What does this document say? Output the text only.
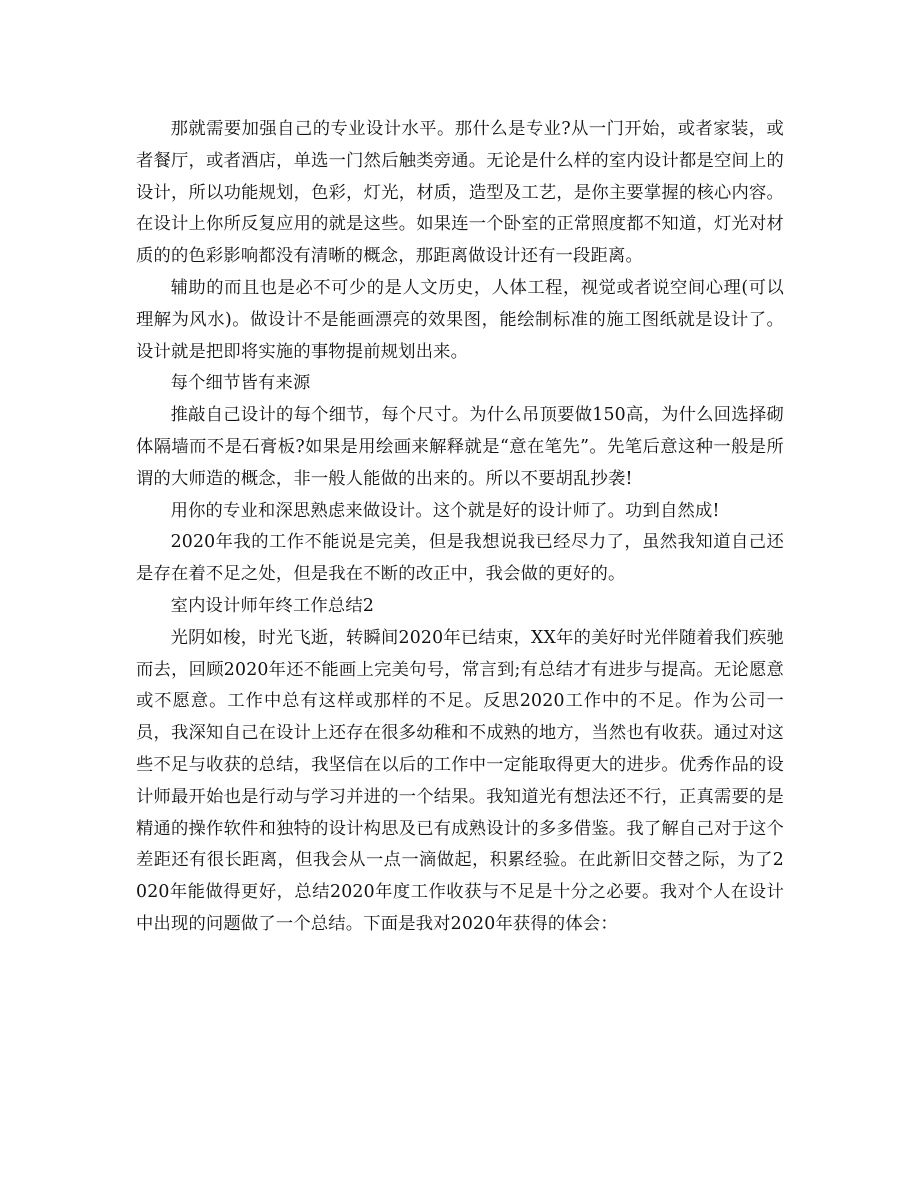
那就需要加强自己的专业设计水平。那什么是专业?从一门开始，或者家装，或者餐厅，或者酒店，单选一门然后触类旁通。无论是什么样的室内设计都是空间上的设计，所以功能规划，色彩，灯光，材质，造型及工艺，是你主要掌握的核心内容。在设计上你所反复应用的就是这些。如果连一个卧室的正常照度都不知道，灯光对材质的的色彩影响都没有清晰的概念，那距离做设计还有一段距离。

辅助的而且也是必不可少的是人文历史，人体工程，视觉或者说空间心理(可以理解为风水)。做设计不是能画漂亮的效果图，能绘制标准的施工图纸就是设计了。设计就是把即将实施的事物提前规划出来。

每个细节皆有来源

推敲自己设计的每个细节，每个尺寸。为什么吊顶要做150高，为什么回选择砌体隔墙而不是石膏板?如果是用绘画来解释就是“意在笔先”。先笔后意这种一般是所谓的大师造的概念，非一般人能做的出来的。所以不要胡乱抄袭!

用你的专业和深思熟虑来做设计。这个就是好的设计师了。功到自然成!

2020年我的工作不能说是完美，但是我想说我已经尽力了，虽然我知道自己还是存在着不足之处，但是我在不断的改正中，我会做的更好的。

室内设计师年终工作总结2

光阴如梭，时光飞逝，转瞬间2020年已结束，XX年的美好时光伴随着我们疾驰而去，回顾2020年还不能画上完美句号，常言到;有总结才有进步与提高。无论愿意或不愿意。工作中总有这样或那样的不足。反思2020工作中的不足。作为公司一员，我深知自己在设计上还存在很多幼稚和不成熟的地方，当然也有收获。通过对这些不足与收获的总结，我坚信在以后的工作中一定能取得更大的进步。优秀作品的设计师最开始也是行动与学习并进的一个结果。我知道光有想法还不行，正真需要的是精通的操作软件和独特的设计构思及已有成熟设计的多多借鉴。我了解自己对于这个差距还有很长距离，但我会从一点一滴做起，积累经验。在此新旧交替之际，为了2020年能做得更好，总结2020年度工作收获与不足是十分之必要。我对个人在设计中出现的问题做了一个总结。下面是我对2020年获得的体会：
